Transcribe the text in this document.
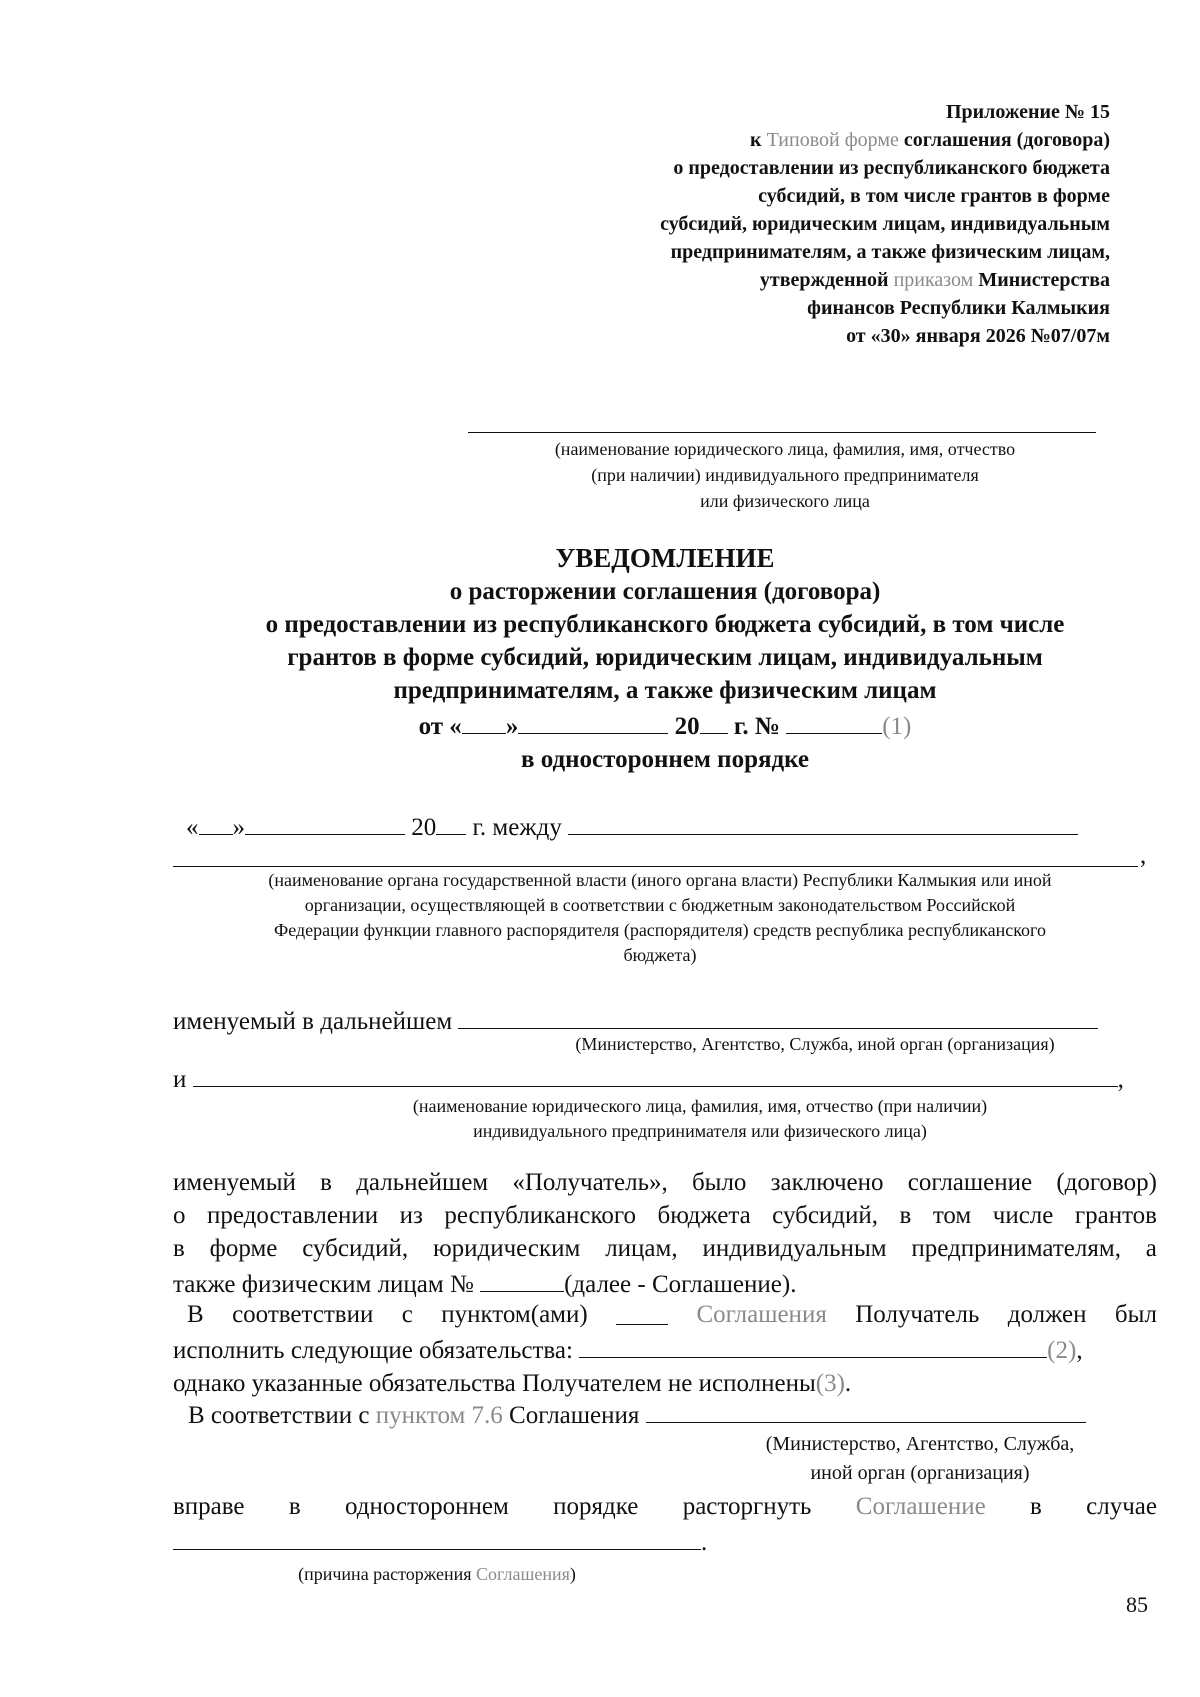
Приложение № 15
к Типовой форме соглашения (договора)
о предоставлении из республиканского бюджета
субсидий, в том числе грантов в форме
субсидий, юридическим лицам, индивидуальным
предпринимателям, а также физическим лицам,
утвержденной приказом Министерства
финансов Республики Калмыкия
от «30» января 2026 №07/07м
(наименование юридического лица, фамилия, имя, отчество
(при наличии) индивидуального предпринимателя
или физического лица
УВЕДОМЛЕНИЕ
о расторжении соглашения (договора)
о предоставлении из республиканского бюджета субсидий, в том числе
грантов в форме субсидий, юридическим лицам, индивидуальным
предпринимателям, а также физическим лицам
от « »	20 г. №	(1)
в одностороннем порядке
« »	20 г. между
,
(наименование органа государственной власти (иного органа власти) Республики Калмыкия или иной
организации, осуществляющей в соответствии с бюджетным законодательством Российской
Федерации функции главного распорядителя (распорядителя) средств республика республиканского
бюджета)
именуемый в дальнейшем
(Министерство, Агентство, Служба, иной орган (организация)
и	,
(наименование юридического лица, фамилия, имя, отчество (при наличии)
индивидуального предпринимателя или физического лица)
именуемый в дальнейшем «Получатель», было заключено соглашение (договор)
о предоставлении из республиканского бюджета субсидий, в том числе грантов
в форме субсидий, юридическим лицам, индивидуальным предпринимателям, а
также физическим лицам №	(далее - Соглашение).
В соответствии с пунктом(ами)	Соглашения Получатель должен был
исполнить следующие обязательства:	(2),
однако указанные обязательства Получателем не исполнены(3).
В соответствии с пунктом 7.6 Соглашения
(Министерство, Агентство, Служба,
иной орган (организация)
вправе в одностороннем порядке расторгнуть Соглашение в случае
.
(причина расторжения Соглашения)
85
